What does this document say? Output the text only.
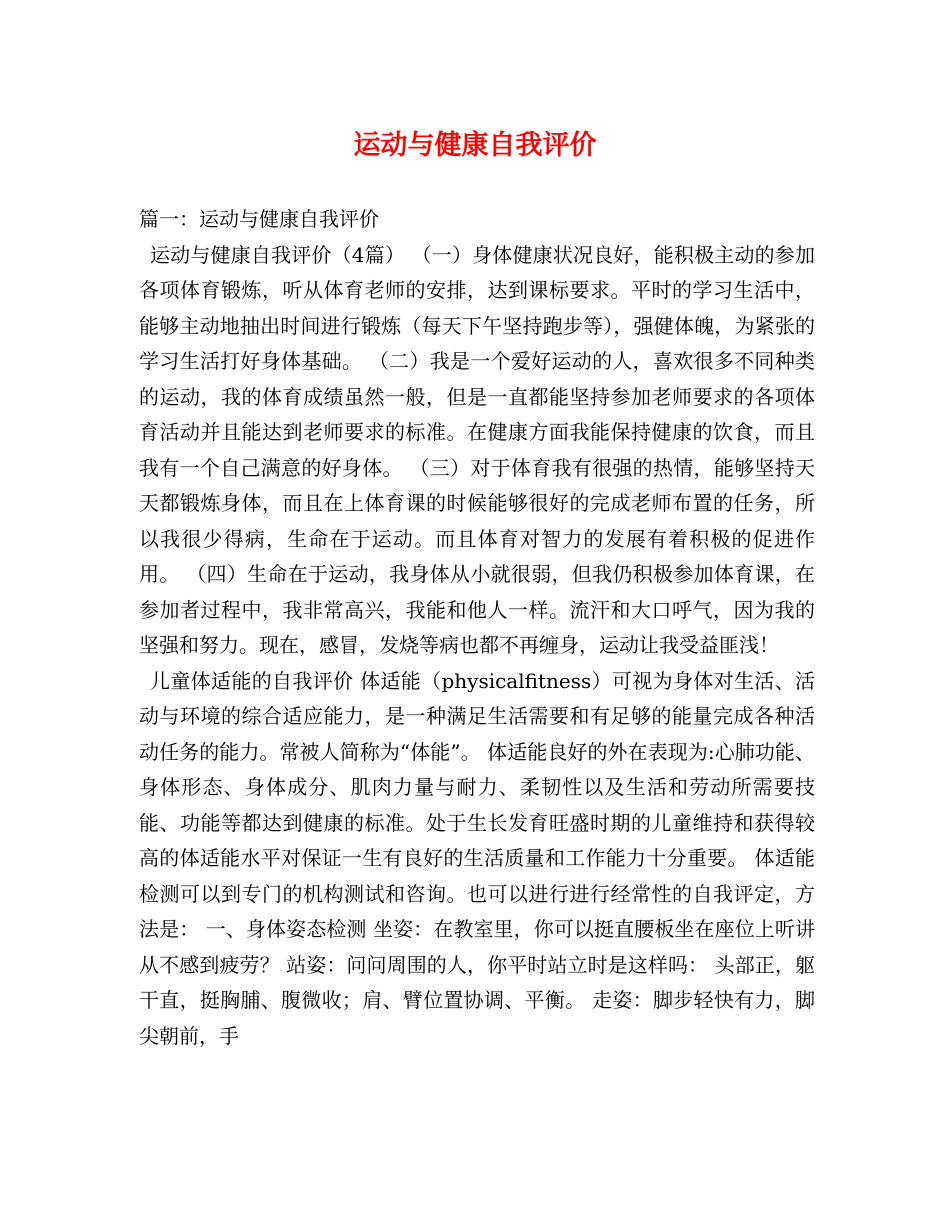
运动与健康自我评价

篇一：运动与健康自我评价

运动与健康自我评价（4篇） （一）身体健康状况良好，能积极主动的参加各项体育锻炼，听从体育老师的安排，达到课标要求。平时的学习生活中，能够主动地抽出时间进行锻炼（每天下午坚持跑步等），强健体魄，为紧张的学习生活打好身体基础。 （二）我是一个爱好运动的人，喜欢很多不同种类的运动，我的体育成绩虽然一般，但是一直都能坚持参加老师要求的各项体育活动并且能达到老师要求的标准。在健康方面我能保持健康的饮食，而且我有一个自己满意的好身体。 （三）对于体育我有很强的热情，能够坚持天天都锻炼身体，而且在上体育课的时候能够很好的完成老师布置的任务，所以我很少得病，生命在于运动。而且体育对智力的发展有着积极的促进作用。 （四）生命在于运动，我身体从小就很弱，但我仍积极参加体育课，在参加者过程中，我非常高兴，我能和他人一样。流汗和大口呼气，因为我的坚强和努力。现在，感冒，发烧等病也都不再缠身，运动让我受益匪浅！

儿童体适能的自我评价 体适能（physicalfitness）可视为身体对生活、活动与环境的综合适应能力，是一种满足生活需要和有足够的能量完成各种活动任务的能力。常被人简称为“体能”。 体适能良好的外在表现为:心肺功能、身体形态、身体成分、肌肉力量与耐力、柔韧性以及生活和劳动所需要技能、功能等都达到健康的标准。处于生长发育旺盛时期的儿童维持和获得较高的体适能水平对保证一生有良好的生活质量和工作能力十分重要。 体适能检测可以到专门的机构测试和咨询。也可以进行进行经常性的自我评定，方法是： 一、身体姿态检测 坐姿：在教室里，你可以挺直腰板坐在座位上听讲从不感到疲劳？ 站姿：问问周围的人，你平时站立时是这样吗： 头部正，躯干直，挺胸脯、腹微收；肩、臂位置协调、平衡。 走姿：脚步轻快有力，脚尖朝前，手
